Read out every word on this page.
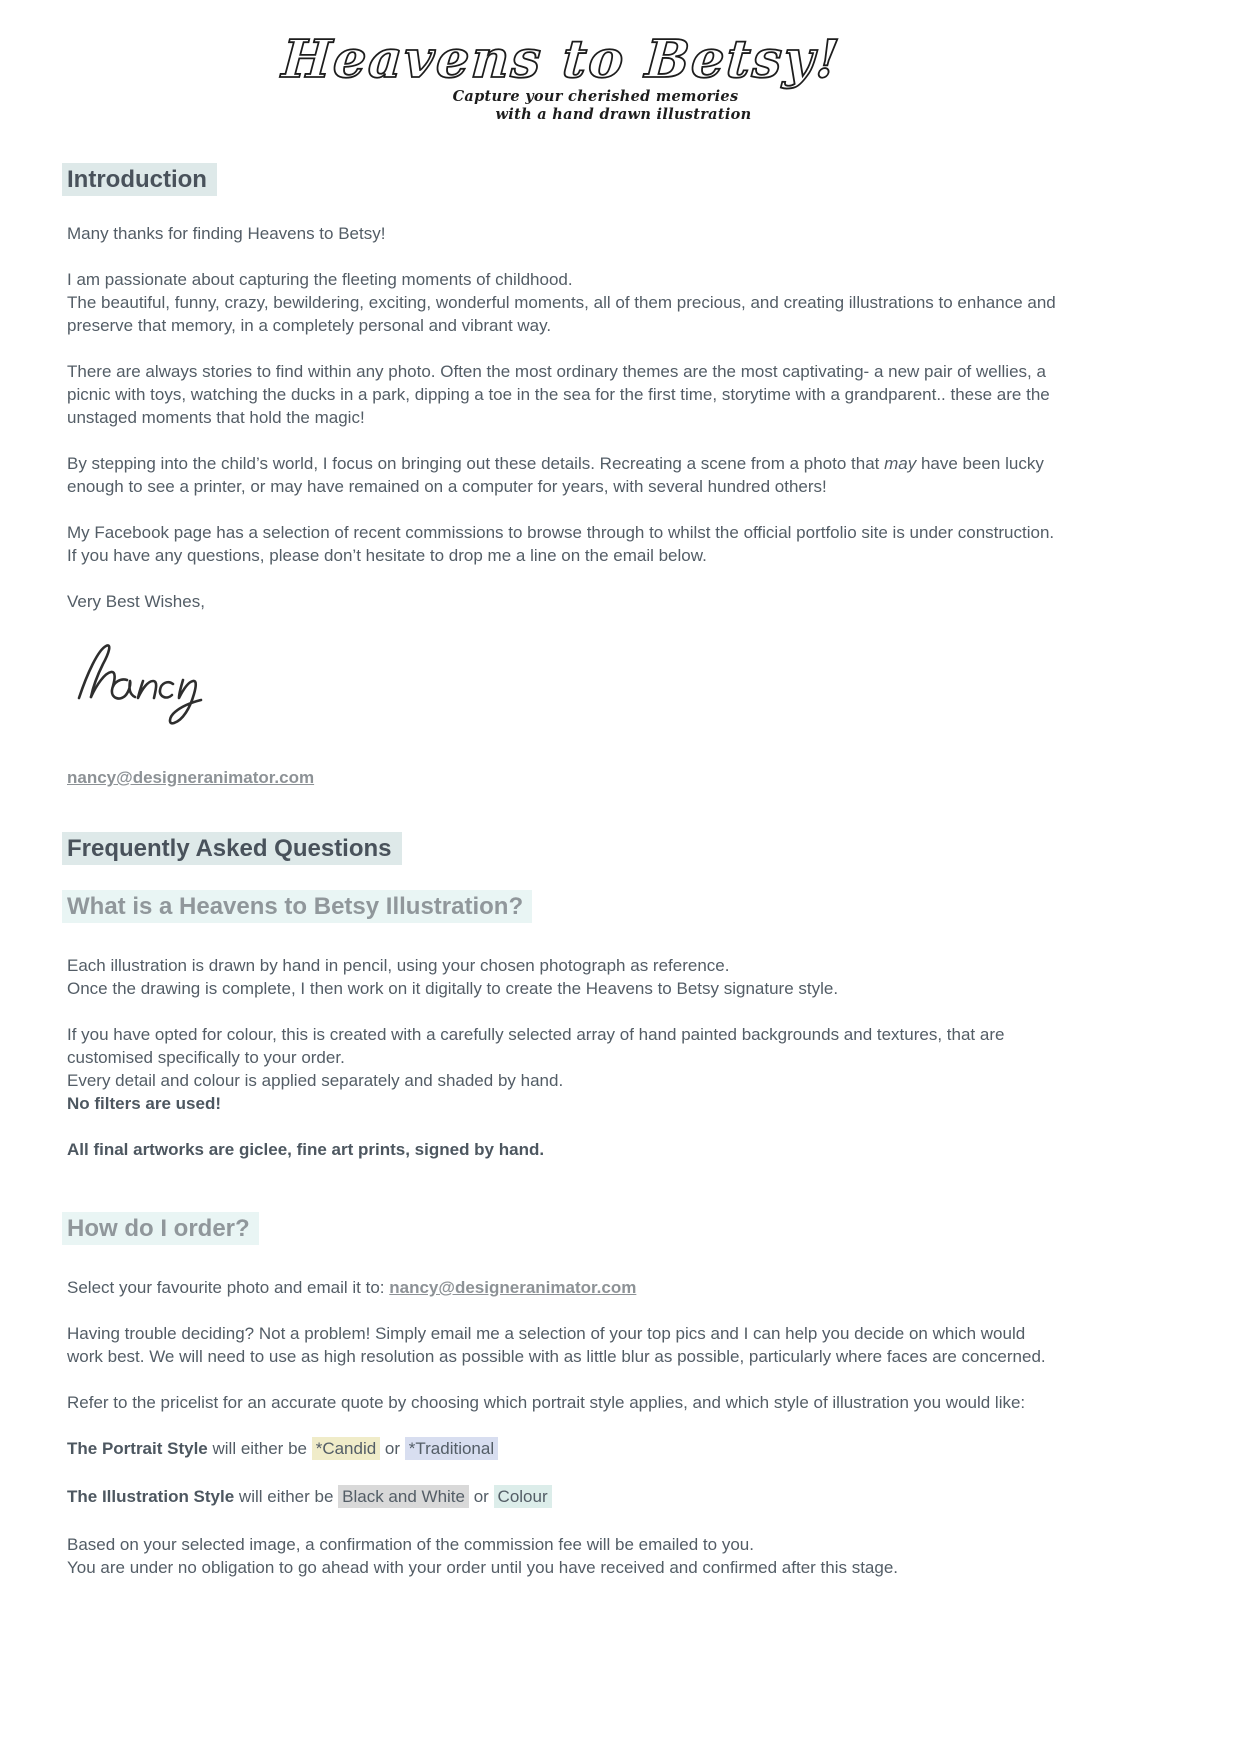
Heavens to Betsy!
Capture your cherished memories
with a hand drawn illustration
Introduction

Many thanks for finding Heavens to Betsy!

I am passionate about capturing the fleeting moments of childhood.
The beautiful, funny, crazy, bewildering, exciting, wonderful moments, all of them precious, and creating illustrations to enhance and preserve that memory, in a completely personal and vibrant way.

There are always stories to find within any photo. Often the most ordinary themes are the most captivating- a new pair of wellies, a picnic with toys, watching the ducks in a park, dipping a toe in the sea for the first time, storytime with a grandparent.. these are the unstaged moments that hold the magic!

By stepping into the child’s world, I focus on bringing out these details. Recreating a scene from a photo that may have been lucky enough to see a printer, or may have remained on a computer for years, with several hundred others!

My Facebook page has a selection of recent commissions to browse through to whilst the official portfolio site is under construction. If you have any questions, please don’t hesitate to drop me a line on the email below.

Very Best Wishes,

nancy@designeranimator.com
Frequently Asked Questions
What is a Heavens to Betsy Illustration?

Each illustration is drawn by hand in pencil, using your chosen photograph as reference.
Once the drawing is complete, I then work on it digitally to create the Heavens to Betsy signature style.

If you have opted for colour, this is created with a carefully selected array of hand painted backgrounds and textures, that are customised specifically to your order.
Every detail and colour is applied separately and shaded by hand.
No filters are used!

All final artworks are giclee, fine art prints, signed by hand.

How do I order?

Select your favourite photo and email it to: nancy@designeranimator.com

Having trouble deciding? Not a problem! Simply email me a selection of your top pics and I can help you decide on which would work best. We will need to use as high resolution as possible with as little blur as possible, particularly where faces are concerned.

Refer to the pricelist for an accurate quote by choosing which portrait style applies, and which style of illustration you would like:

The Portrait Style will either be *Candid or *Traditional

The Illustration Style will either be Black and White or Colour

Based on your selected image, a confirmation of the commission fee will be emailed to you.
You are under no obligation to go ahead with your order until you have received and confirmed after this stage.
